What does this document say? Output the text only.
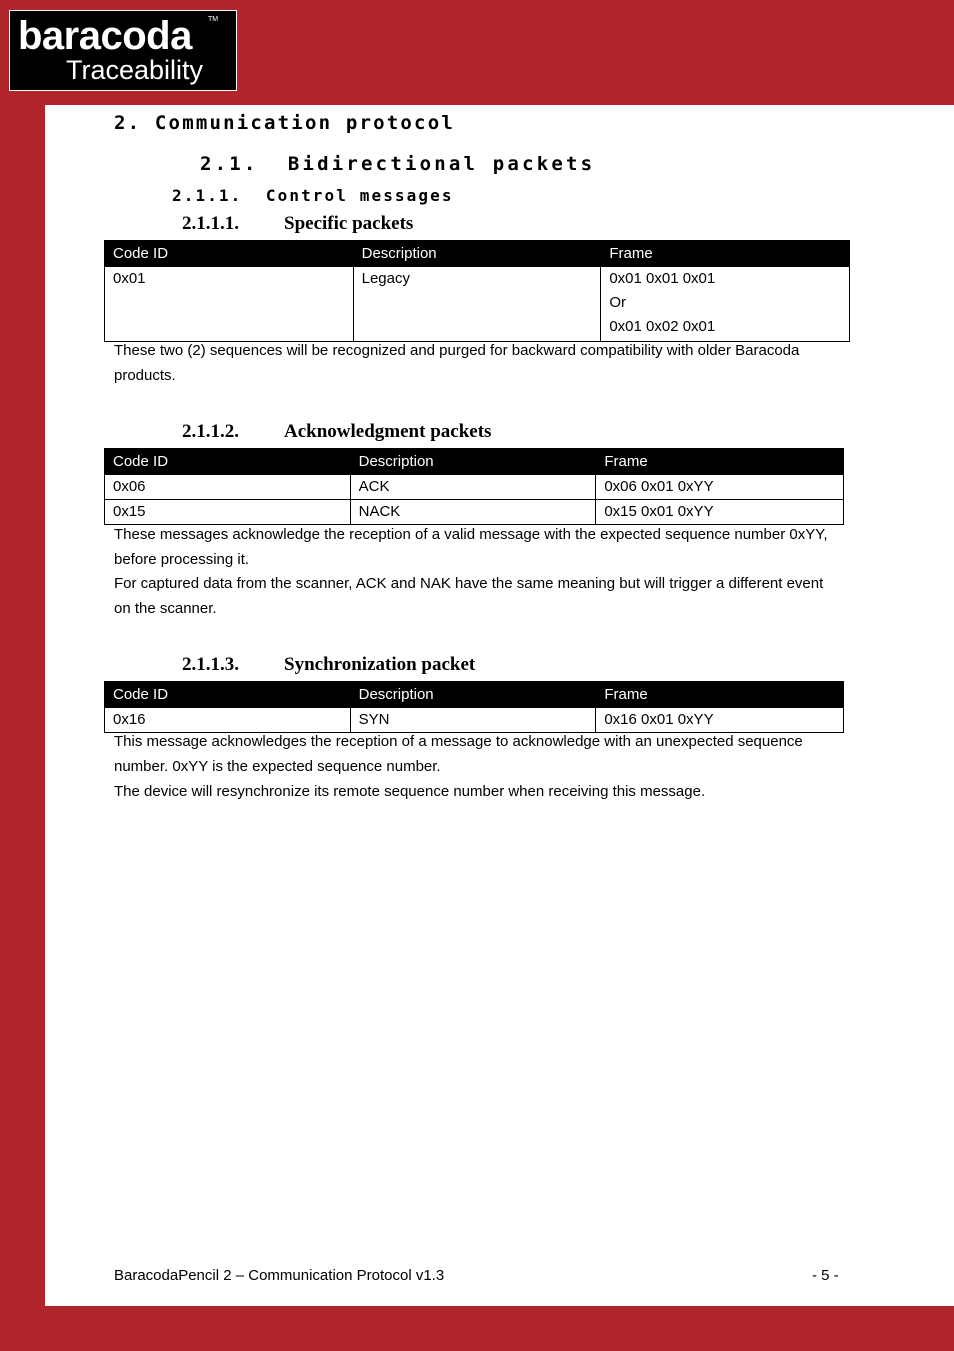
baracoda TM
Traceability
2. Communication protocol
2.1. Bidirectional packets
2.1.1. Control messages
2.1.1.1. Specific packets
Code ID	Description	Frame
0x01	Legacy	0x01 0x01 0x01
Or
0x01 0x02 0x01
These two (2) sequences will be recognized and purged for backward compatibility with older Baracoda products.
2.1.1.2. Acknowledgment packets
Code ID	Description	Frame
0x06	ACK	0x06 0x01 0xYY
0x15	NACK	0x15 0x01 0xYY
These messages acknowledge the reception of a valid message with the expected sequence number 0xYY, before processing it.
For captured data from the scanner, ACK and NAK have the same meaning but will trigger a different event on the scanner.
2.1.1.3. Synchronization packet
Code ID	Description	Frame
0x16	SYN	0x16 0x01 0xYY
This message acknowledges the reception of a message to acknowledge with an unexpected sequence number. 0xYY is the expected sequence number.
The device will resynchronize its remote sequence number when receiving this message.
BaracodaPencil 2 – Communication Protocol v1.3	- 5 -
